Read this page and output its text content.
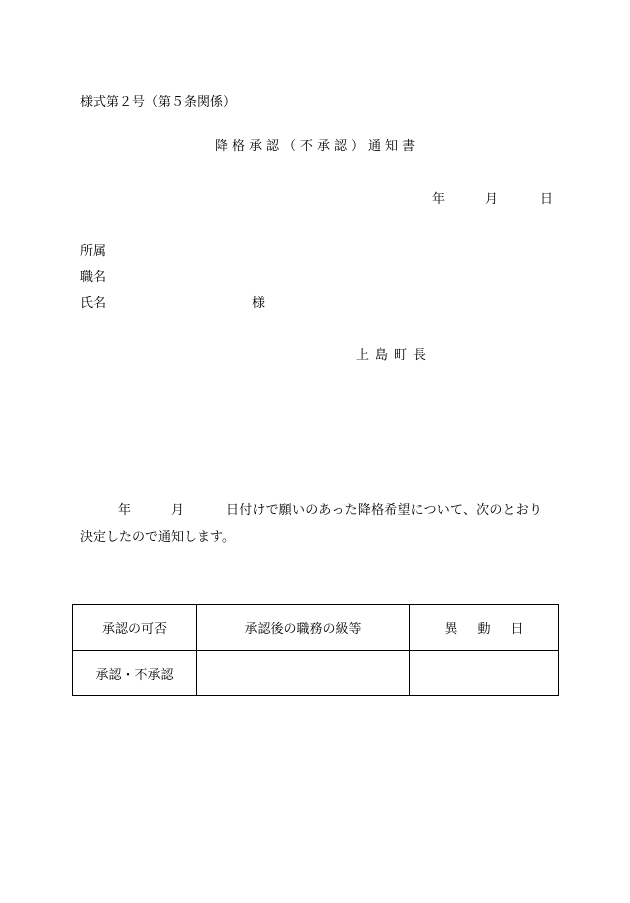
様式第２号（第５条関係）
降格承認（不承認）通知書
年	月	日
所属
職名
氏名	様
上島町長
年	月	日付けで願いのあった降格希望について、次のとおり
決定したので通知します。
承認の可否	承認後の職務の級等	異動日
承認・不承認		
